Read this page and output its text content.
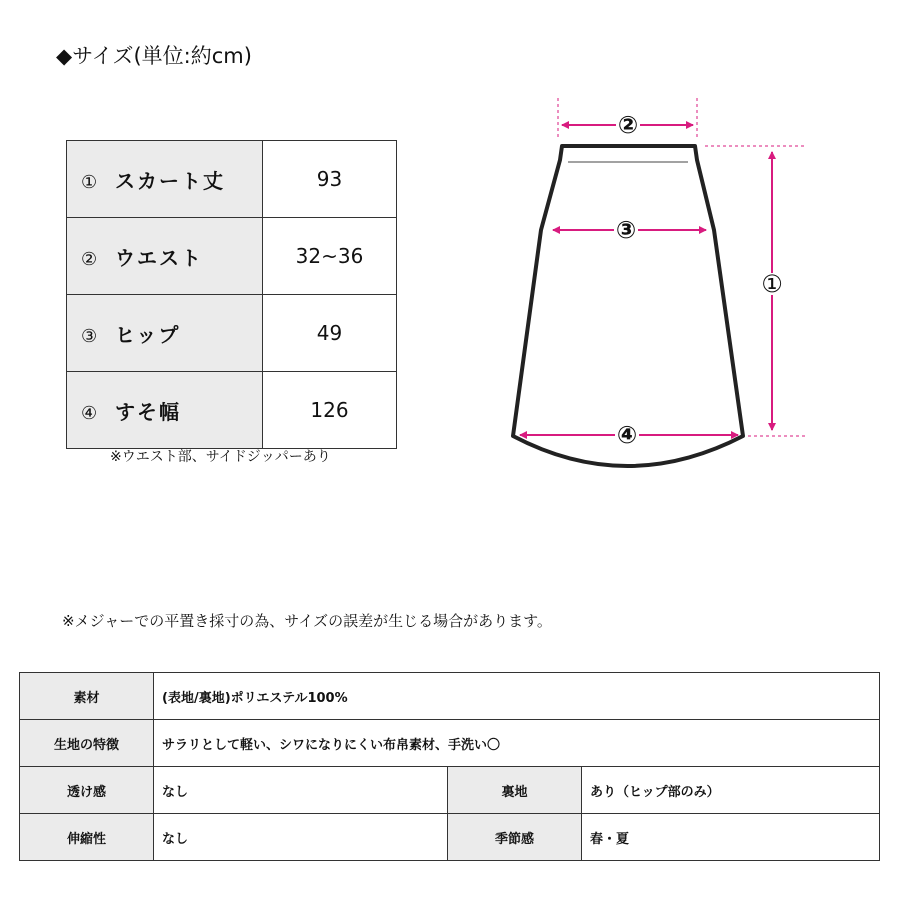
◆サイズ(単位:約cm)
① スカート丈	93
② ウエスト	32~36
③ ヒップ	49
④ すそ幅	126
※ウエスト部、サイドジッパーあり
②
③
④
①
※メジャーでの平置き採寸の為、サイズの誤差が生じる場合があります。
素材	(表地/裏地)ポリエステル100%		
生地の特徴	サラリとして軽い、シワになりにくい布帛素材、手洗い〇		
透け感	なし	裏地	あり（ヒップ部のみ）
伸縮性	なし	季節感	春・夏
